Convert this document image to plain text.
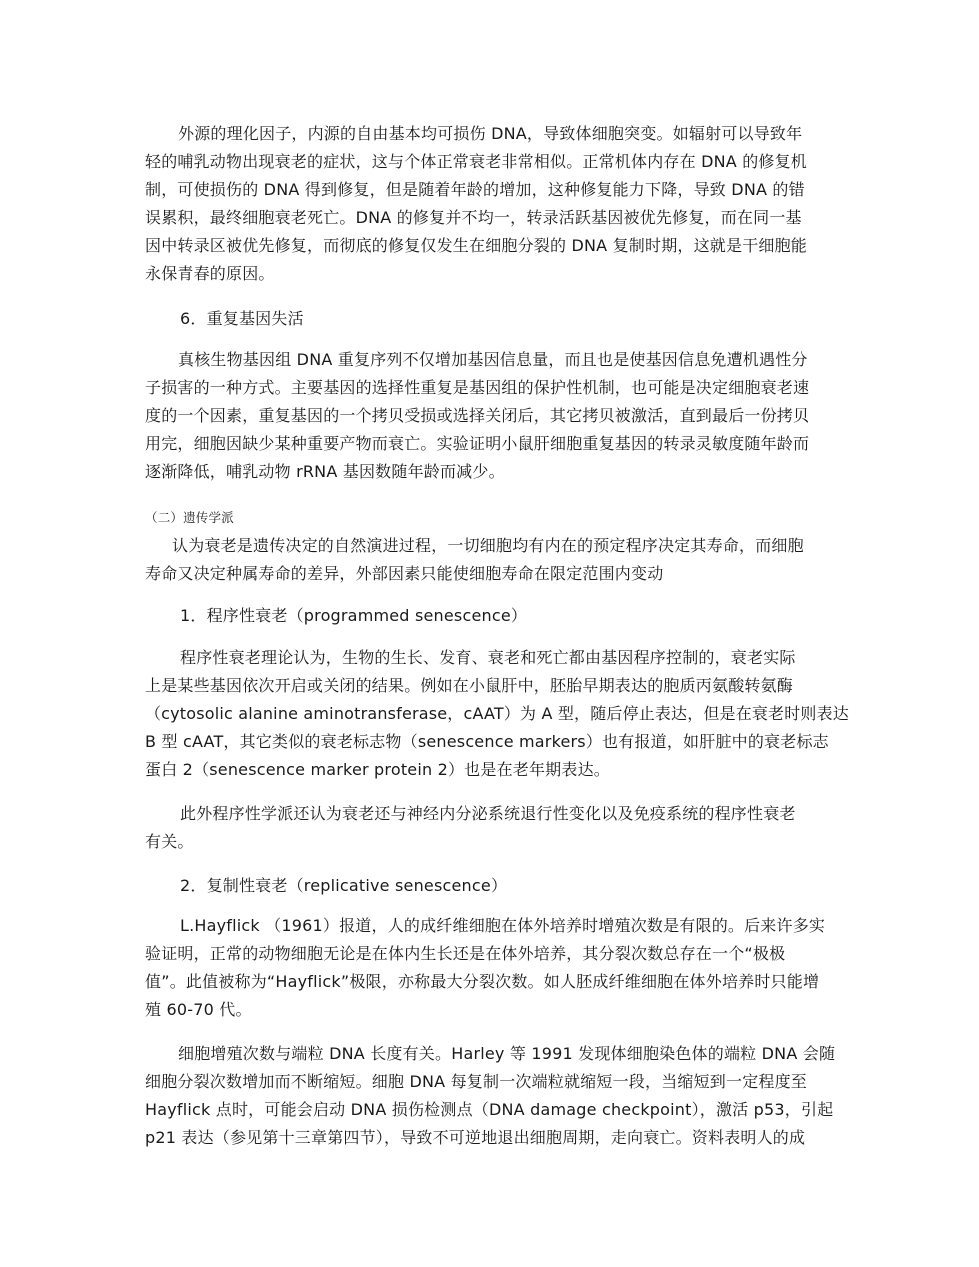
外源的理化因子，内源的自由基本均可损伤 DNA，导致体细胞突变。如辐射可以导致年
轻的哺乳动物出现衰老的症状，这与个体正常衰老非常相似。正常机体内存在 DNA 的修复机
制，可使损伤的 DNA 得到修复，但是随着年龄的增加，这种修复能力下降，导致 DNA 的错
误累积，最终细胞衰老死亡。DNA 的修复并不均一，转录活跃基因被优先修复，而在同一基
因中转录区被优先修复，而彻底的修复仅发生在细胞分裂的 DNA 复制时期，这就是干细胞能
永保青春的原因。
6．重复基因失活
真核生物基因组 DNA 重复序列不仅增加基因信息量，而且也是使基因信息免遭机遇性分
子损害的一种方式。主要基因的选择性重复是基因组的保护性机制，也可能是决定细胞衰老速
度的一个因素，重复基因的一个拷贝受损或选择关闭后，其它拷贝被激活，直到最后一份拷贝
用完，细胞因缺少某种重要产物而衰亡。实验证明小鼠肝细胞重复基因的转录灵敏度随年龄而
逐渐降低，哺乳动物 rRNA 基因数随年龄而减少。
（二）遗传学派
认为衰老是遗传决定的自然演进过程，一切细胞均有内在的预定程序决定其寿命，而细胞
寿命又决定种属寿命的差异，外部因素只能使细胞寿命在限定范围内变动
1．程序性衰老（programmed senescence）
程序性衰老理论认为，生物的生长、发育、衰老和死亡都由基因程序控制的，衰老实际
上是某些基因依次开启或关闭的结果。例如在小鼠肝中，胚胎早期表达的胞质丙氨酸转氨酶
（cytosolic alanine aminotransferase，cAAT）为 A 型，随后停止表达，但是在衰老时则表达
B 型 cAAT，其它类似的衰老标志物（senescence markers）也有报道，如肝脏中的衰老标志
蛋白 2（senescence marker protein 2）也是在老年期表达。
此外程序性学派还认为衰老还与神经内分泌系统退行性变化以及免疫系统的程序性衰老
有关。
2．复制性衰老（replicative senescence）
L.Hayflick （1961）报道，人的成纤维细胞在体外培养时增殖次数是有限的。后来许多实
验证明，正常的动物细胞无论是在体内生长还是在体外培养，其分裂次数总存在一个“极极
值”。此值被称为“Hayflick”极限，亦称最大分裂次数。如人胚成纤维细胞在体外培养时只能增
殖 60-70 代。
细胞增殖次数与端粒 DNA 长度有关。Harley 等 1991 发现体细胞染色体的端粒 DNA 会随
细胞分裂次数增加而不断缩短。细胞 DNA 每复制一次端粒就缩短一段，当缩短到一定程度至
Hayflick 点时，可能会启动 DNA 损伤检测点（DNA damage checkpoint），激活 p53，引起
p21 表达（参见第十三章第四节），导致不可逆地退出细胞周期，走向衰亡。资料表明人的成
